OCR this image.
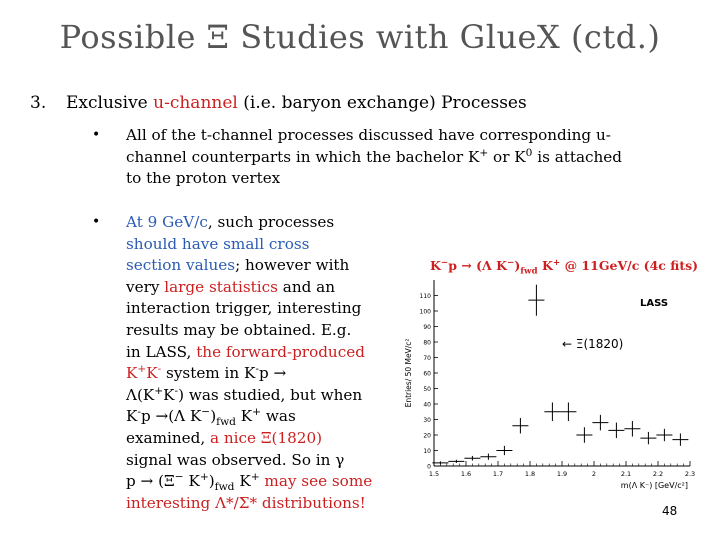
Possible Ξ Studies with GlueX (ctd.)
3. Exclusive u-channel (i.e. baryon exchange) Processes
• All of the t-channel processes discussed have corresponding u-
channel counterparts in which the bachelor K+ or $K^0$ is attached
to the proton vertex
• At 9 GeV/c, such processes
should have small cross
section values; however with
very large statistics and an
interaction trigger, interesting
results may be obtained. E.g.
in LASS, the forward-produced
K+K- system in K-p →
Λ(K+K-) was studied, but when
K-p →(Λ $K^-)_{fwd}$ K+ was
examined, a nice Ξ(1820)
signal was observed. So in γ
p → (Ξ− $K^+)_{fwd}$ K+ may see some
interesting Λ*/Σ* distributions!
K−p → (Λ $K^-)_{fwd}$ K+ @ 11GeV/c (4c fits)
1.5	1.6	1.7	1.8	1.9	2	2.1	2.2	2.3
0
10
20
30
40
50
60
70
80
90
100
110
Entries/ 50 MeV/c²
m(Λ K⁻) [GeV/c²]
LASS
← Ξ(1820)
48
